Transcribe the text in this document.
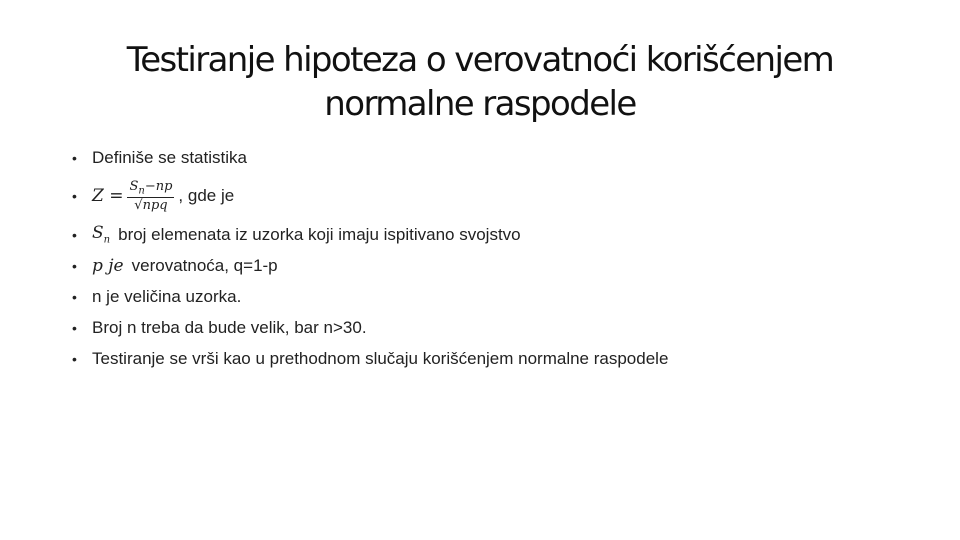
Testiranje hipoteza o verovatnoći korišćenjem
normalne raspodele
• Definiše se statistika
• $Z = \frac{S_n-np}{\text{√npq}}$ , gde je
• $S_n$ broj elemenata iz uzorka koji imaju ispitivano svojstvo
• p je verovatnoća, q=1-p
• n je veličina uzorka.
• Broj n treba da bude velik, bar n>30.
• Testiranje se vrši kao u prethodnom slučaju korišćenjem normalne raspodele
